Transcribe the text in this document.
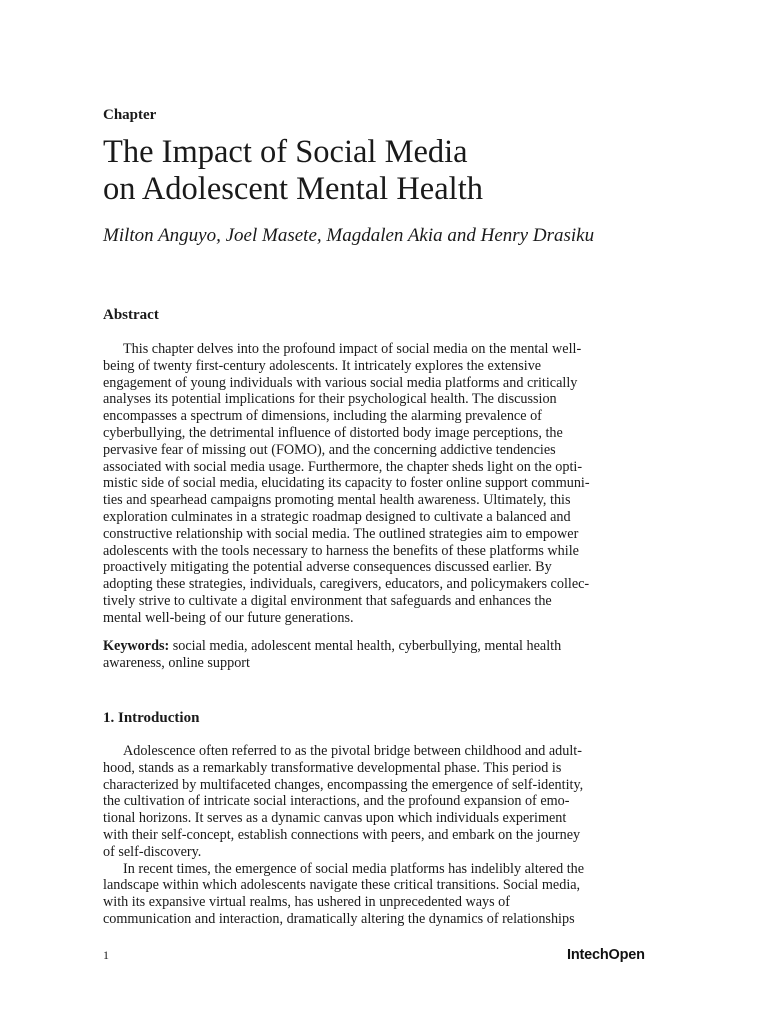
Chapter
The Impact of Social Media
on Adolescent Mental Health
Milton Anguyo, Joel Masete, Magdalen Akia and Henry Drasiku
Abstract
This chapter delves into the profound impact of social media on the mental well-
being of twenty first-century adolescents. It intricately explores the extensive
engagement of young individuals with various social media platforms and critically
analyses its potential implications for their psychological health. The discussion
encompasses a spectrum of dimensions, including the alarming prevalence of
cyberbullying, the detrimental influence of distorted body image perceptions, the
pervasive fear of missing out (FOMO), and the concerning addictive tendencies
associated with social media usage. Furthermore, the chapter sheds light on the opti-
mistic side of social media, elucidating its capacity to foster online support communi-
ties and spearhead campaigns promoting mental health awareness. Ultimately, this
exploration culminates in a strategic roadmap designed to cultivate a balanced and
constructive relationship with social media. The outlined strategies aim to empower
adolescents with the tools necessary to harness the benefits of these platforms while
proactively mitigating the potential adverse consequences discussed earlier. By
adopting these strategies, individuals, caregivers, educators, and policymakers collec-
tively strive to cultivate a digital environment that safeguards and enhances the
mental well-being of our future generations.
Keywords: social media, adolescent mental health, cyberbullying, mental health
awareness, online support
1. Introduction
Adolescence often referred to as the pivotal bridge between childhood and adult-
hood, stands as a remarkably transformative developmental phase. This period is
characterized by multifaceted changes, encompassing the emergence of self-identity,
the cultivation of intricate social interactions, and the profound expansion of emo-
tional horizons. It serves as a dynamic canvas upon which individuals experiment
with their self-concept, establish connections with peers, and embark on the journey
of self-discovery.
In recent times, the emergence of social media platforms has indelibly altered the
landscape within which adolescents navigate these critical transitions. Social media,
with its expansive virtual realms, has ushered in unprecedented ways of
communication and interaction, dramatically altering the dynamics of relationships
1	IntechOpen
